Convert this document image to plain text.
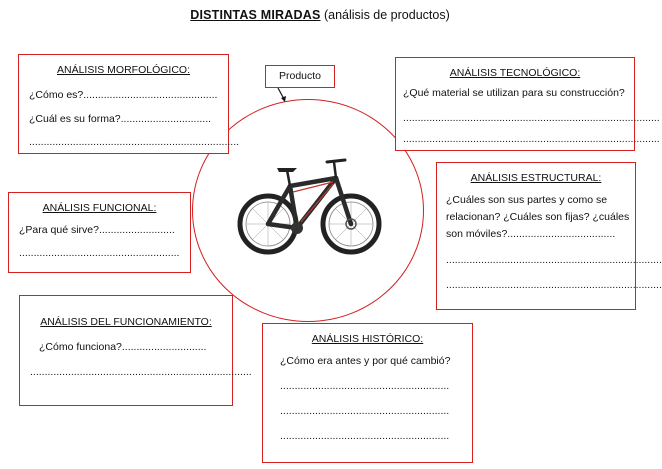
DISTINTAS MIRADAS (análisis de productos)
Producto
ANÁLISIS MORFOLÓGICO:
¿Cómo es?..............................................
¿Cuál es su forma?...............................
........................................................................
ANÁLISIS TECNOLÓGICO:
¿Qué material se utilizan para su construcción?
........................................................................................
........................................................................................
ANÁLISIS FUNCIONAL:
¿Para qué sirve?..........................
.......................................................
ANÁLISIS ESTRUCTURAL:
¿Cuáles son sus partes y como se
relacionan? ¿Cuáles son fijas? ¿cuáles
son móviles?.....................................
..........................................................................
..........................................................................
ANÁLISIS DEL FUNCIONAMIENTO:
¿Cómo funciona?.............................
............................................................................
ANÁLISIS HISTÓRICO:
¿Cómo era antes y por qué cambió?
..........................................................
..........................................................
..........................................................
